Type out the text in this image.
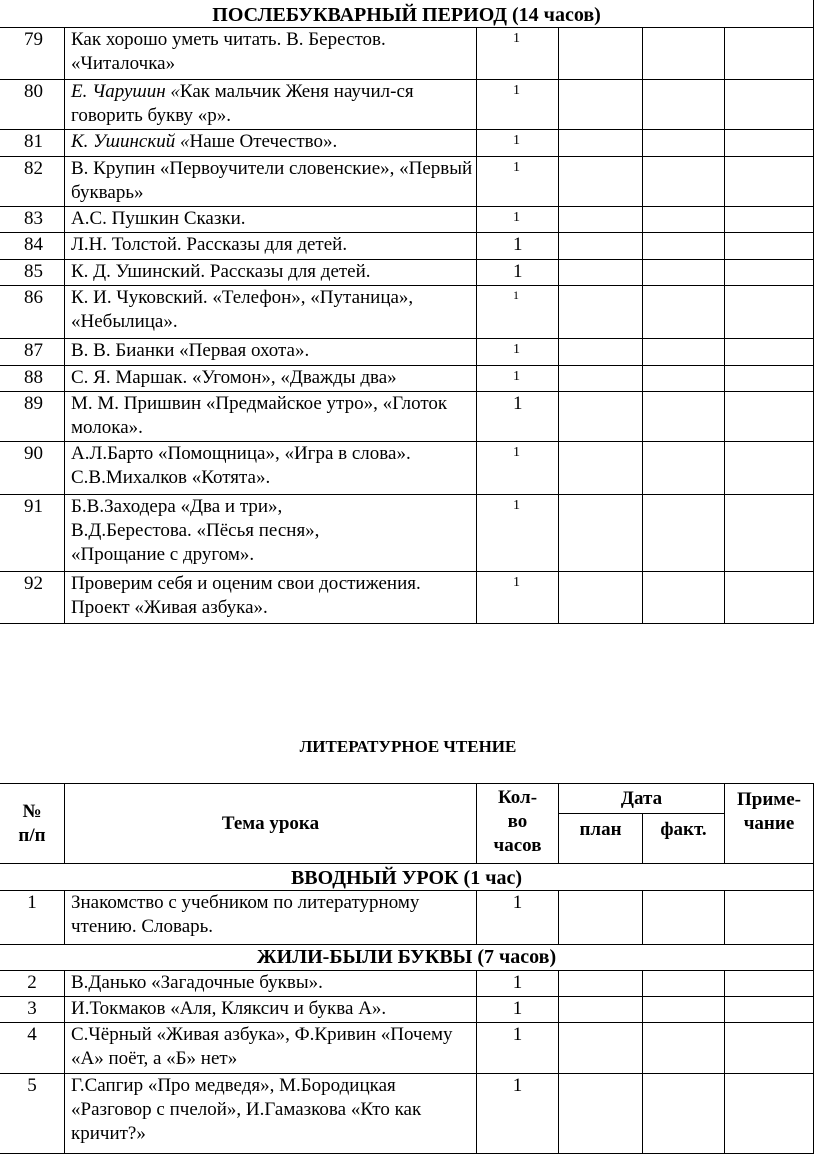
ПОСЛЕБУКВАРНЫЙ ПЕРИОД (14 часов)					
79	Как хорошо уметь читать. В. Берестов. «Читалочка»	1			
80	Е. Чарушин «Как мальчик Женя научил-ся говорить букву «р».	1			
81	К. Ушинский «Наше Отечество».	1			
82	В. Крупин «Первоучители словенские», «Первый букварь»	1			
83	А.С. Пушкин Сказки.	1			
84	Л.Н. Толстой. Рассказы для детей.	1			
85	К. Д. Ушинский. Рассказы для детей.	1			
86	К. И. Чуковский. «Телефон», «Путаница», «Небылица».	1			
87	В. В. Бианки «Первая охота».	1			
88	С. Я. Маршак. «Угомон», «Дважды два»	1			
89	М. М. Пришвин «Предмайское утро», «Глоток молока».	1			
90	А.Л.Барто «Помощница», «Игра в слова». С.В.Михалков «Котята».	1			
91	Б.В.Заходера «Два и три», В.Д.Берестова. «Пёсья песня», «Прощание с другом».	1			
92	Проверим себя и оценим свои достижения. Проект «Живая азбука».	1			
ЛИТЕРАТУРНОЕ ЧТЕНИЕ
№ п/п	Тема урока	Кол-во часов	Дата		Приме-чание
			план	факт.	
ВВОДНЫЙ УРОК (1 час)					
1	Знакомство с учебником по литературному чтению. Словарь.	1			
ЖИЛИ-БЫЛИ БУКВЫ (7 часов)					
2	В.Данько «Загадочные буквы».	1			
3	И.Токмаков «Аля, Кляксич и буква А».	1			
4	С.Чёрный «Живая азбука», Ф.Кривин «Почему «А» поёт, а «Б» нет»	1			
5	Г.Сапгир «Про медведя», М.Бородицкая «Разговор с пчелой», И.Гамазкова «Кто как кричит?»	1			
